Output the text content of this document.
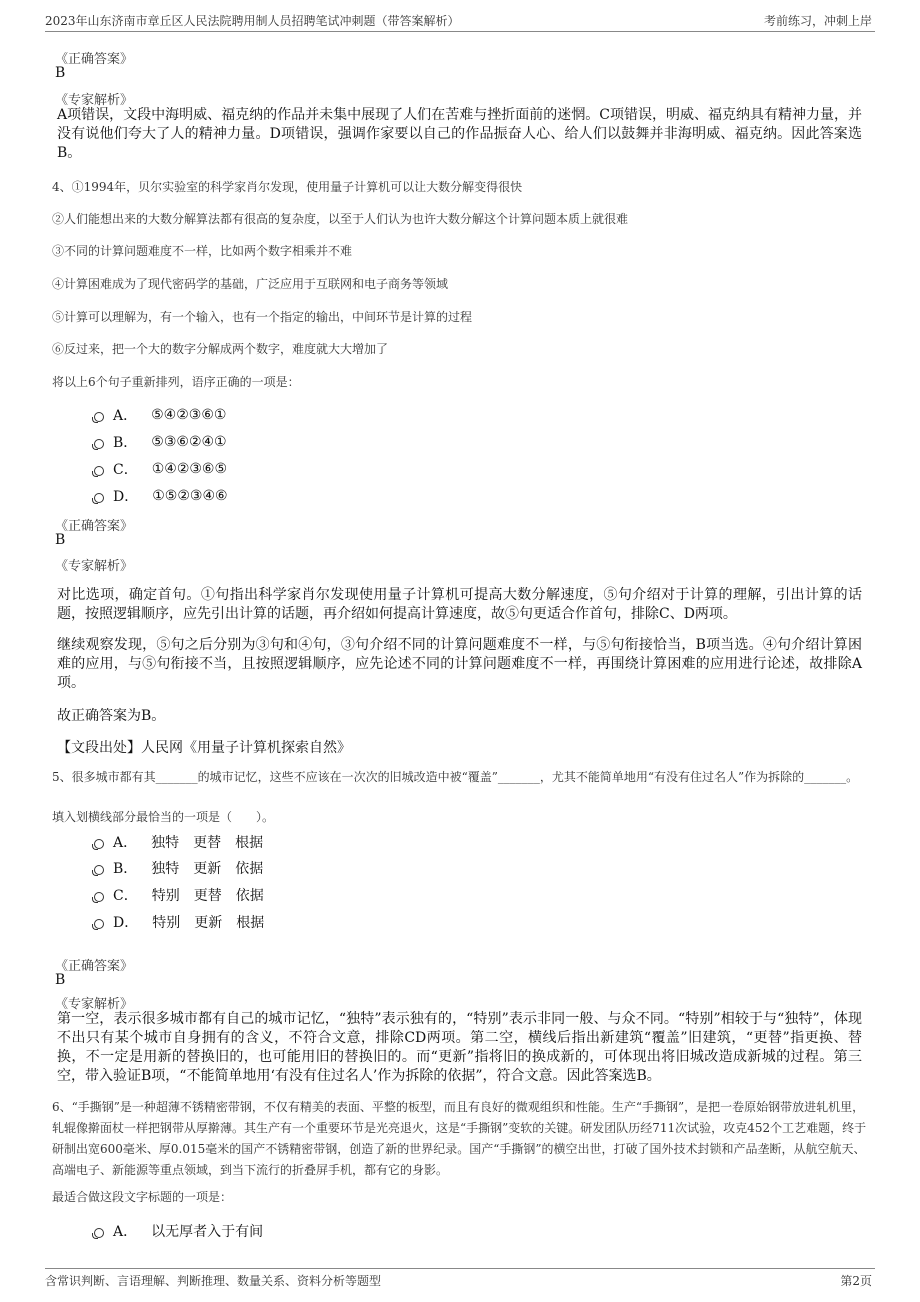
2023年山东济南市章丘区人民法院聘用制人员招聘笔试冲刺题（带答案解析）	考前练习，冲刺上岸
《正确答案》
B
《专家解析》
A项错误，文段中海明威、福克纳的作品并未集中展现了人们在苦难与挫折面前的迷惘。C项错误，明威、福克纳具有精神力量，并没有说他们夸大了人的精神力量。D项错误，强调作家要以自己的作品振奋人心、给人们以鼓舞并非海明威、福克纳。因此答案选B。
4、①1994年，贝尔实验室的科学家肖尔发现，使用量子计算机可以让大数分解变得很快
②人们能想出来的大数分解算法都有很高的复杂度，以至于人们认为也许大数分解这个计算问题本质上就很难
③不同的计算问题难度不一样，比如两个数字相乘并不难
④计算困难成为了现代密码学的基础，广泛应用于互联网和电子商务等领域
⑤计算可以理解为，有一个输入，也有一个指定的输出，中间环节是计算的过程
⑥反过来，把一个大的数字分解成两个数字，难度就大大增加了
将以上6个句子重新排列，语序正确的一项是：
A． ⑤④②③⑥①
B． ⑤③⑥②④①
C． ①④②③⑥⑤
D． ①⑤②③④⑥
《正确答案》
B
《专家解析》
对比选项，确定首句。①句指出科学家肖尔发现使用量子计算机可提高大数分解速度，⑤句介绍对于计算的理解，引出计算的话题，按照逻辑顺序，应先引出计算的话题，再介绍如何提高计算速度，故⑤句更适合作首句，排除C、D两项。
继续观察发现，⑤句之后分别为③句和④句，③句介绍不同的计算问题难度不一样，与⑤句衔接恰当，B项当选。④句介绍计算困难的应用，与⑤句衔接不当，且按照逻辑顺序，应先论述不同的计算问题难度不一样，再围绕计算困难的应用进行论述，故排除A项。
故正确答案为B。
【文段出处】人民网《用量子计算机探索自然》
5、很多城市都有其_______的城市记忆，这些不应该在一次次的旧城改造中被“覆盖”_______，尤其不能简单地用“有没有住过名人”作为拆除的_______。
填入划横线部分最恰当的一项是（　　）。
A． 独特　更替　根据
B． 独特　更新　依据
C． 特别　更替　依据
D． 特别　更新　根据
《正确答案》
B
《专家解析》
第一空，表示很多城市都有自己的城市记忆，“独特”表示独有的，“特别”表示非同一般、与众不同。“特别”相较于与“独特”，体现不出只有某个城市自身拥有的含义，不符合文意，排除CD两项。第二空，横线后指出新建筑“覆盖”旧建筑，“更替”指更换、替换，不一定是用新的替换旧的，也可能用旧的替换旧的。而“更新”指将旧的换成新的，可体现出将旧城改造成新城的过程。第三空，带入验证B项，“不能简单地用‘有没有住过名人’作为拆除的依据”，符合文意。因此答案选B。
6、“手撕钢”是一种超薄不锈精密带钢，不仅有精美的表面、平整的板型，而且有良好的微观组织和性能。生产“手撕钢”，是把一卷原始钢带放进轧机里，轧辊像擀面杖一样把钢带从厚擀薄。其生产有一个重要环节是光亮退火，这是“手撕钢”变软的关键。研发团队历经711次试验，攻克452个工艺难题，终于研制出宽600毫米、厚0.015毫米的国产不锈精密带钢，创造了新的世界纪录。国产“手撕钢”的横空出世，打破了国外技术封锁和产品垄断，从航空航天、高端电子、新能源等重点领域，到当下流行的折叠屏手机，都有它的身影。
最适合做这段文字标题的一项是：
A． 以无厚者入于有间
含常识判断、言语理解、判断推理、数量关系、资料分析等题型	第2页
